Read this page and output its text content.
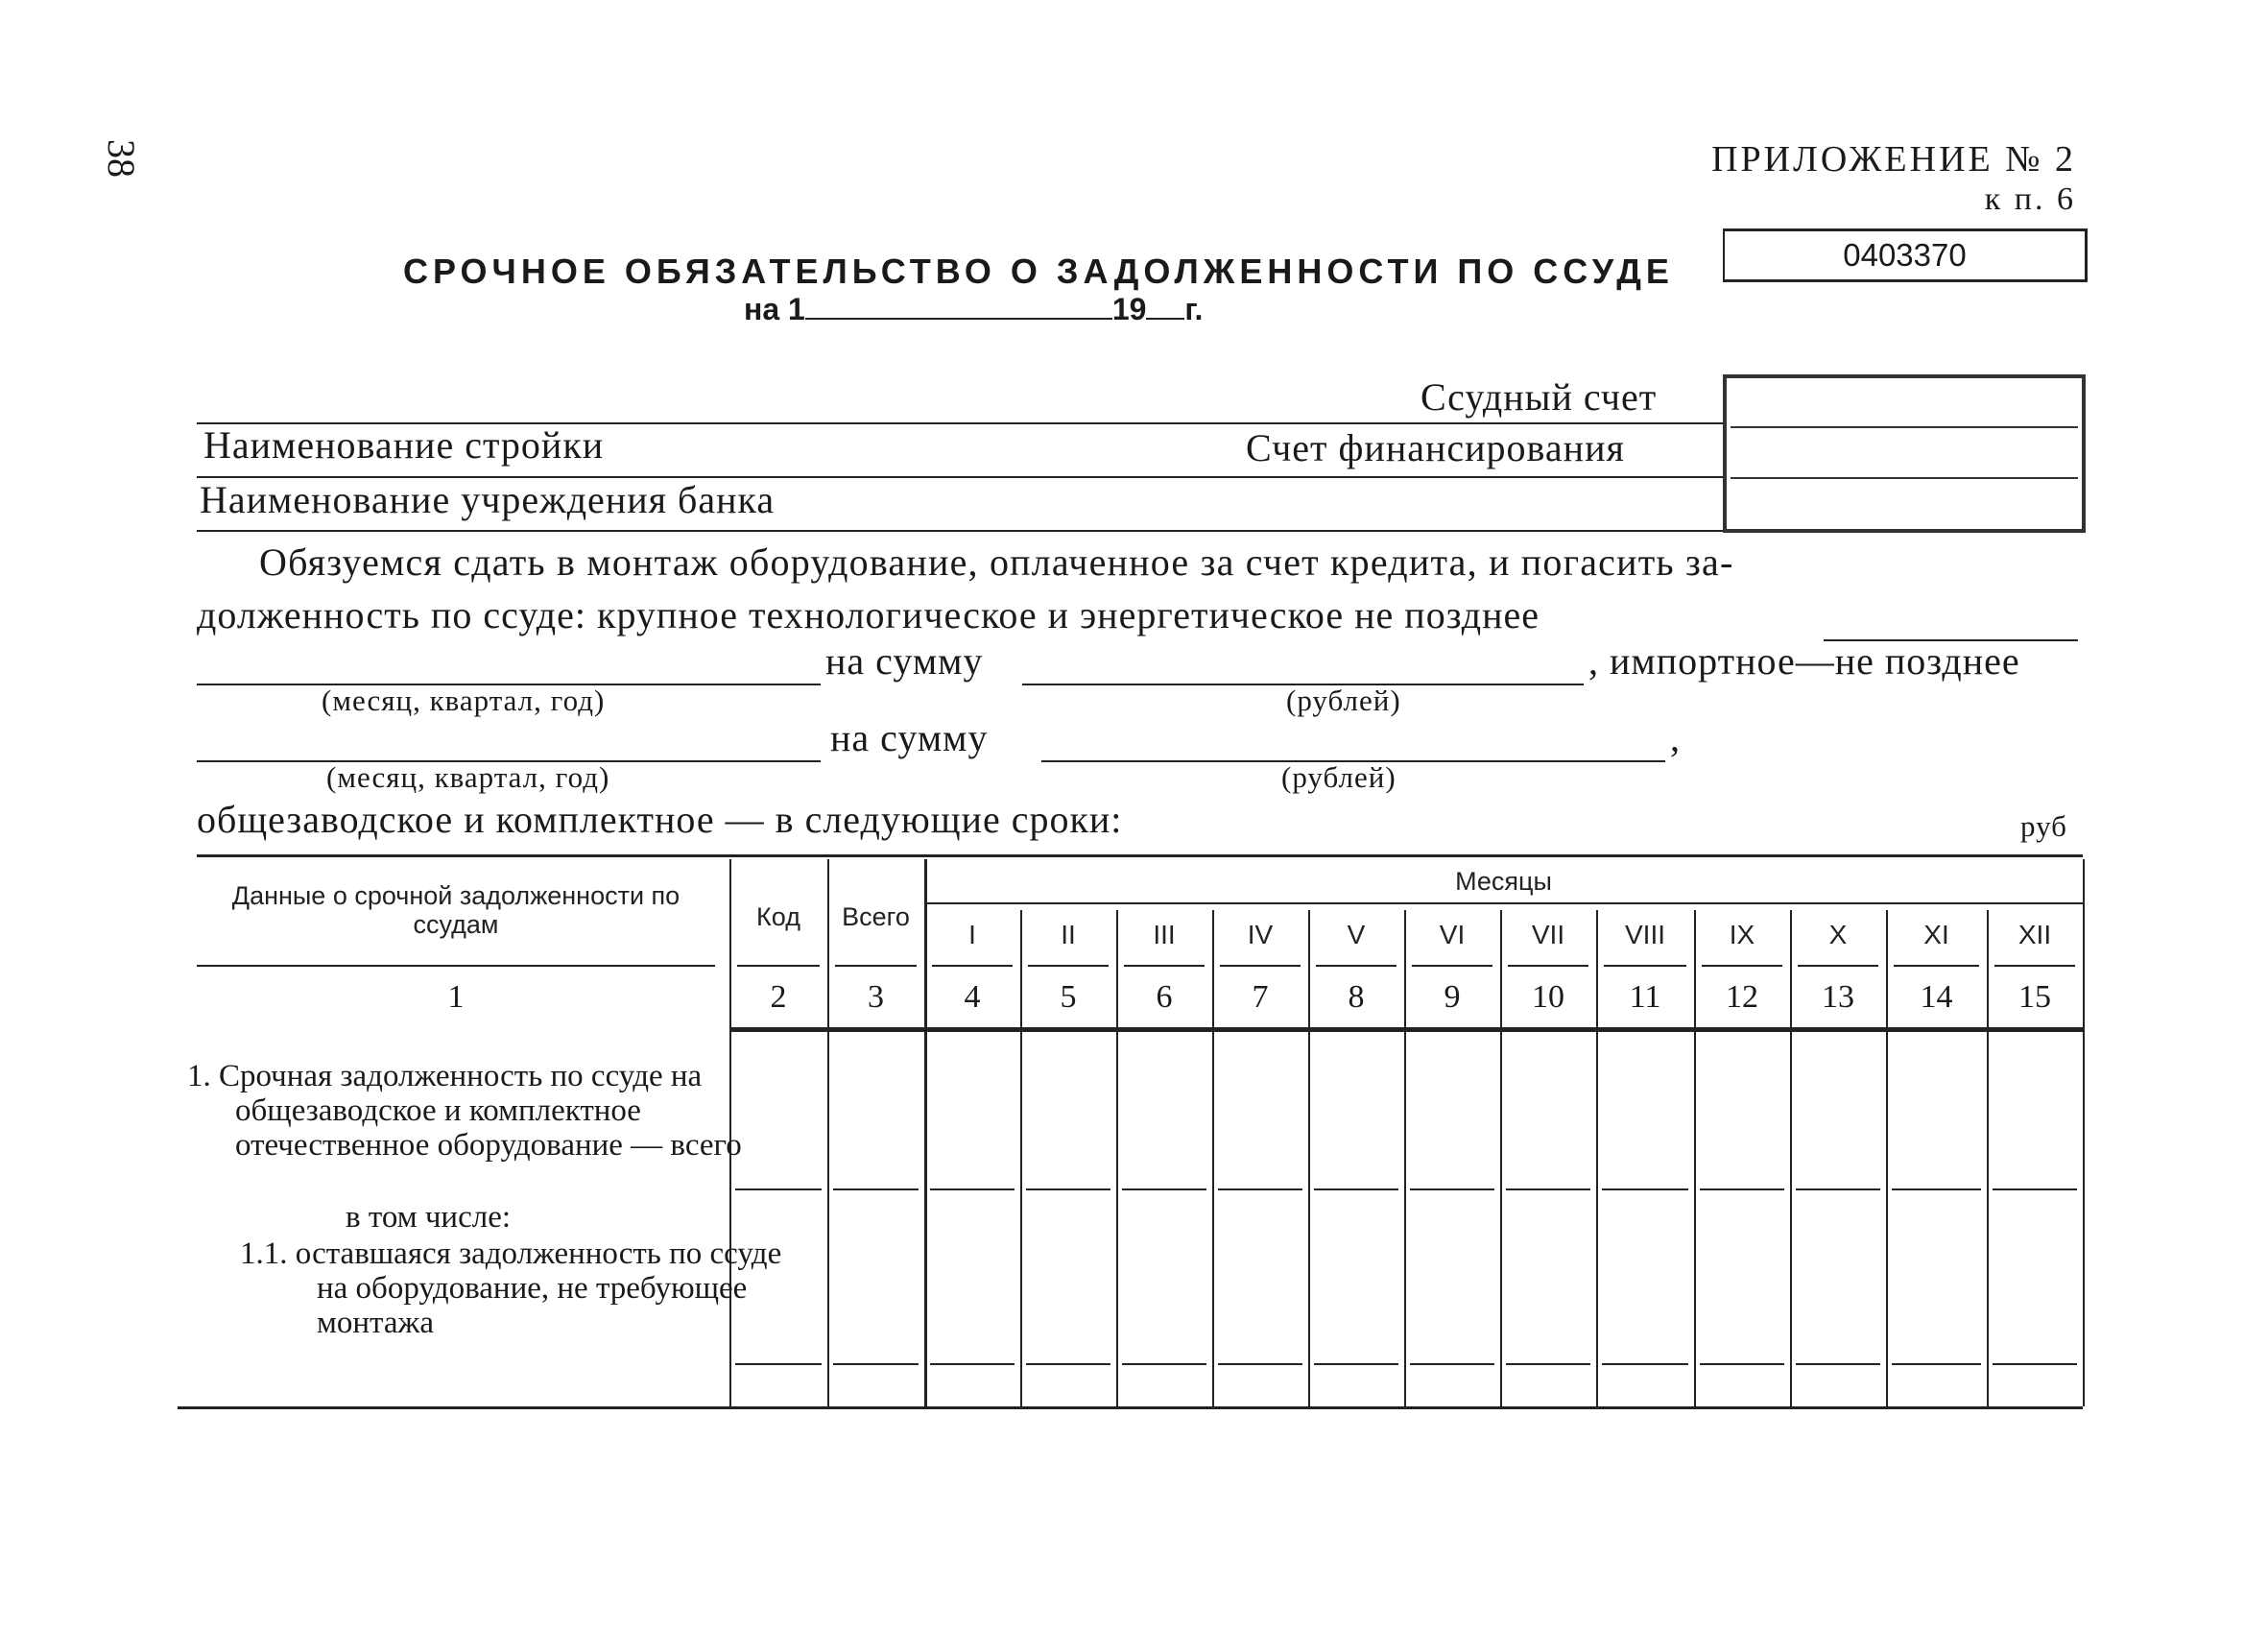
38	ПРИЛОЖЕНИЕ № 2
к п. 6
0403370
СРОЧНОЕ ОБЯЗАТЕЛЬСТВО О ЗАДОЛЖЕННОСТИ ПО ССУДЕ
на 1	19 г.
Ссудный счет
Наименование стройки	Счет финансирования
Наименование учреждения банка
Обязуемся сдать в монтаж оборудование, оплаченное за счет кредита, и погасить за-
долженность по ссуде: крупное технологическое и энергетическое не позднее
на сумму	, импортное—не позднее
(месяц, квартал, год)	(рублей)
на сумму	,
(месяц, квартал, год)	(рублей)
общезаводское и комплектное — в следующие сроки:	руб
Данные о срочной задолженности по ссудам	Код	Всего
Месяцы
I	II	III	IV	V	VI	VII	VIII	IX	X	XI	XII
1	2	3	4	5	6	7	8	9	10	11	12	13	14	15
1. Срочная задолженность по ссуде на общезаводское и комплектное отечественное оборудование — всего
в том числе:
1.1. оставшаяся задолженность по ссуде на оборудование, не требующее монтажа
